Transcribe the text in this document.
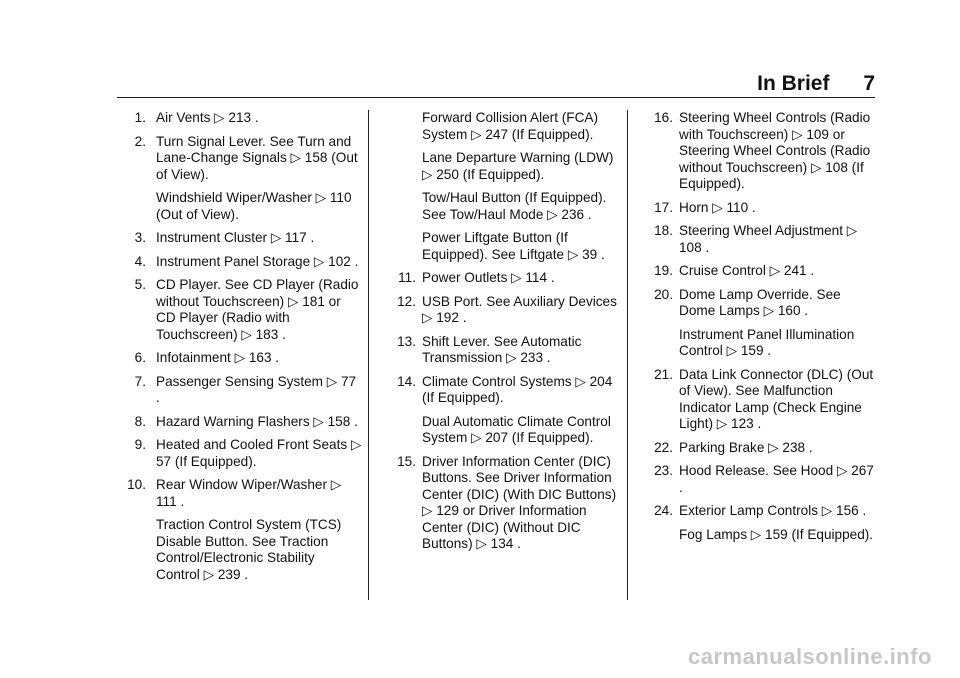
In Brief 7
1. Air Vents ▷ 213 .
2. Turn Signal Lever. See Turn and Lane-Change Signals ▷ 158 (Out of View).
Windshield Wiper/Washer ▷ 110 (Out of View).
3. Instrument Cluster ▷ 117 .
4. Instrument Panel Storage ▷ 102 .
5. CD Player. See CD Player (Radio without Touchscreen) ▷ 181 or CD Player (Radio with Touchscreen) ▷ 183 .
6. Infotainment ▷ 163 .
7. Passenger Sensing System ▷ 77 .
8. Hazard Warning Flashers ▷ 158 .
9. Heated and Cooled Front Seats ▷ 57 (If Equipped).
10. Rear Window Wiper/Washer ▷ 111 .
Traction Control System (TCS) Disable Button. See Traction Control/Electronic Stability Control ▷ 239 .
Forward Collision Alert (FCA) System ▷ 247 (If Equipped).
Lane Departure Warning (LDW) ▷ 250 (If Equipped).
Tow/Haul Button (If Equipped). See Tow/Haul Mode ▷ 236 .
Power Liftgate Button (If Equipped). See Liftgate ▷ 39 .
11. Power Outlets ▷ 114 .
12. USB Port. See Auxiliary Devices ▷ 192 .
13. Shift Lever. See Automatic Transmission ▷ 233 .
14. Climate Control Systems ▷ 204 (If Equipped).
Dual Automatic Climate Control System ▷ 207 (If Equipped).
15. Driver Information Center (DIC) Buttons. See Driver Information Center (DIC) (With DIC Buttons) ▷ 129 or Driver Information Center (DIC) (Without DIC Buttons) ▷ 134 .
16. Steering Wheel Controls (Radio with Touchscreen) ▷ 109 or Steering Wheel Controls (Radio without Touchscreen) ▷ 108 (If Equipped).
17. Horn ▷ 110 .
18. Steering Wheel Adjustment ▷ 108 .
19. Cruise Control ▷ 241 .
20. Dome Lamp Override. See Dome Lamps ▷ 160 .
Instrument Panel Illumination Control ▷ 159 .
21. Data Link Connector (DLC) (Out of View). See Malfunction Indicator Lamp (Check Engine Light) ▷ 123 .
22. Parking Brake ▷ 238 .
23. Hood Release. See Hood ▷ 267 .
24. Exterior Lamp Controls ▷ 156 .
Fog Lamps ▷ 159 (If Equipped).
carmanualsonline.info
